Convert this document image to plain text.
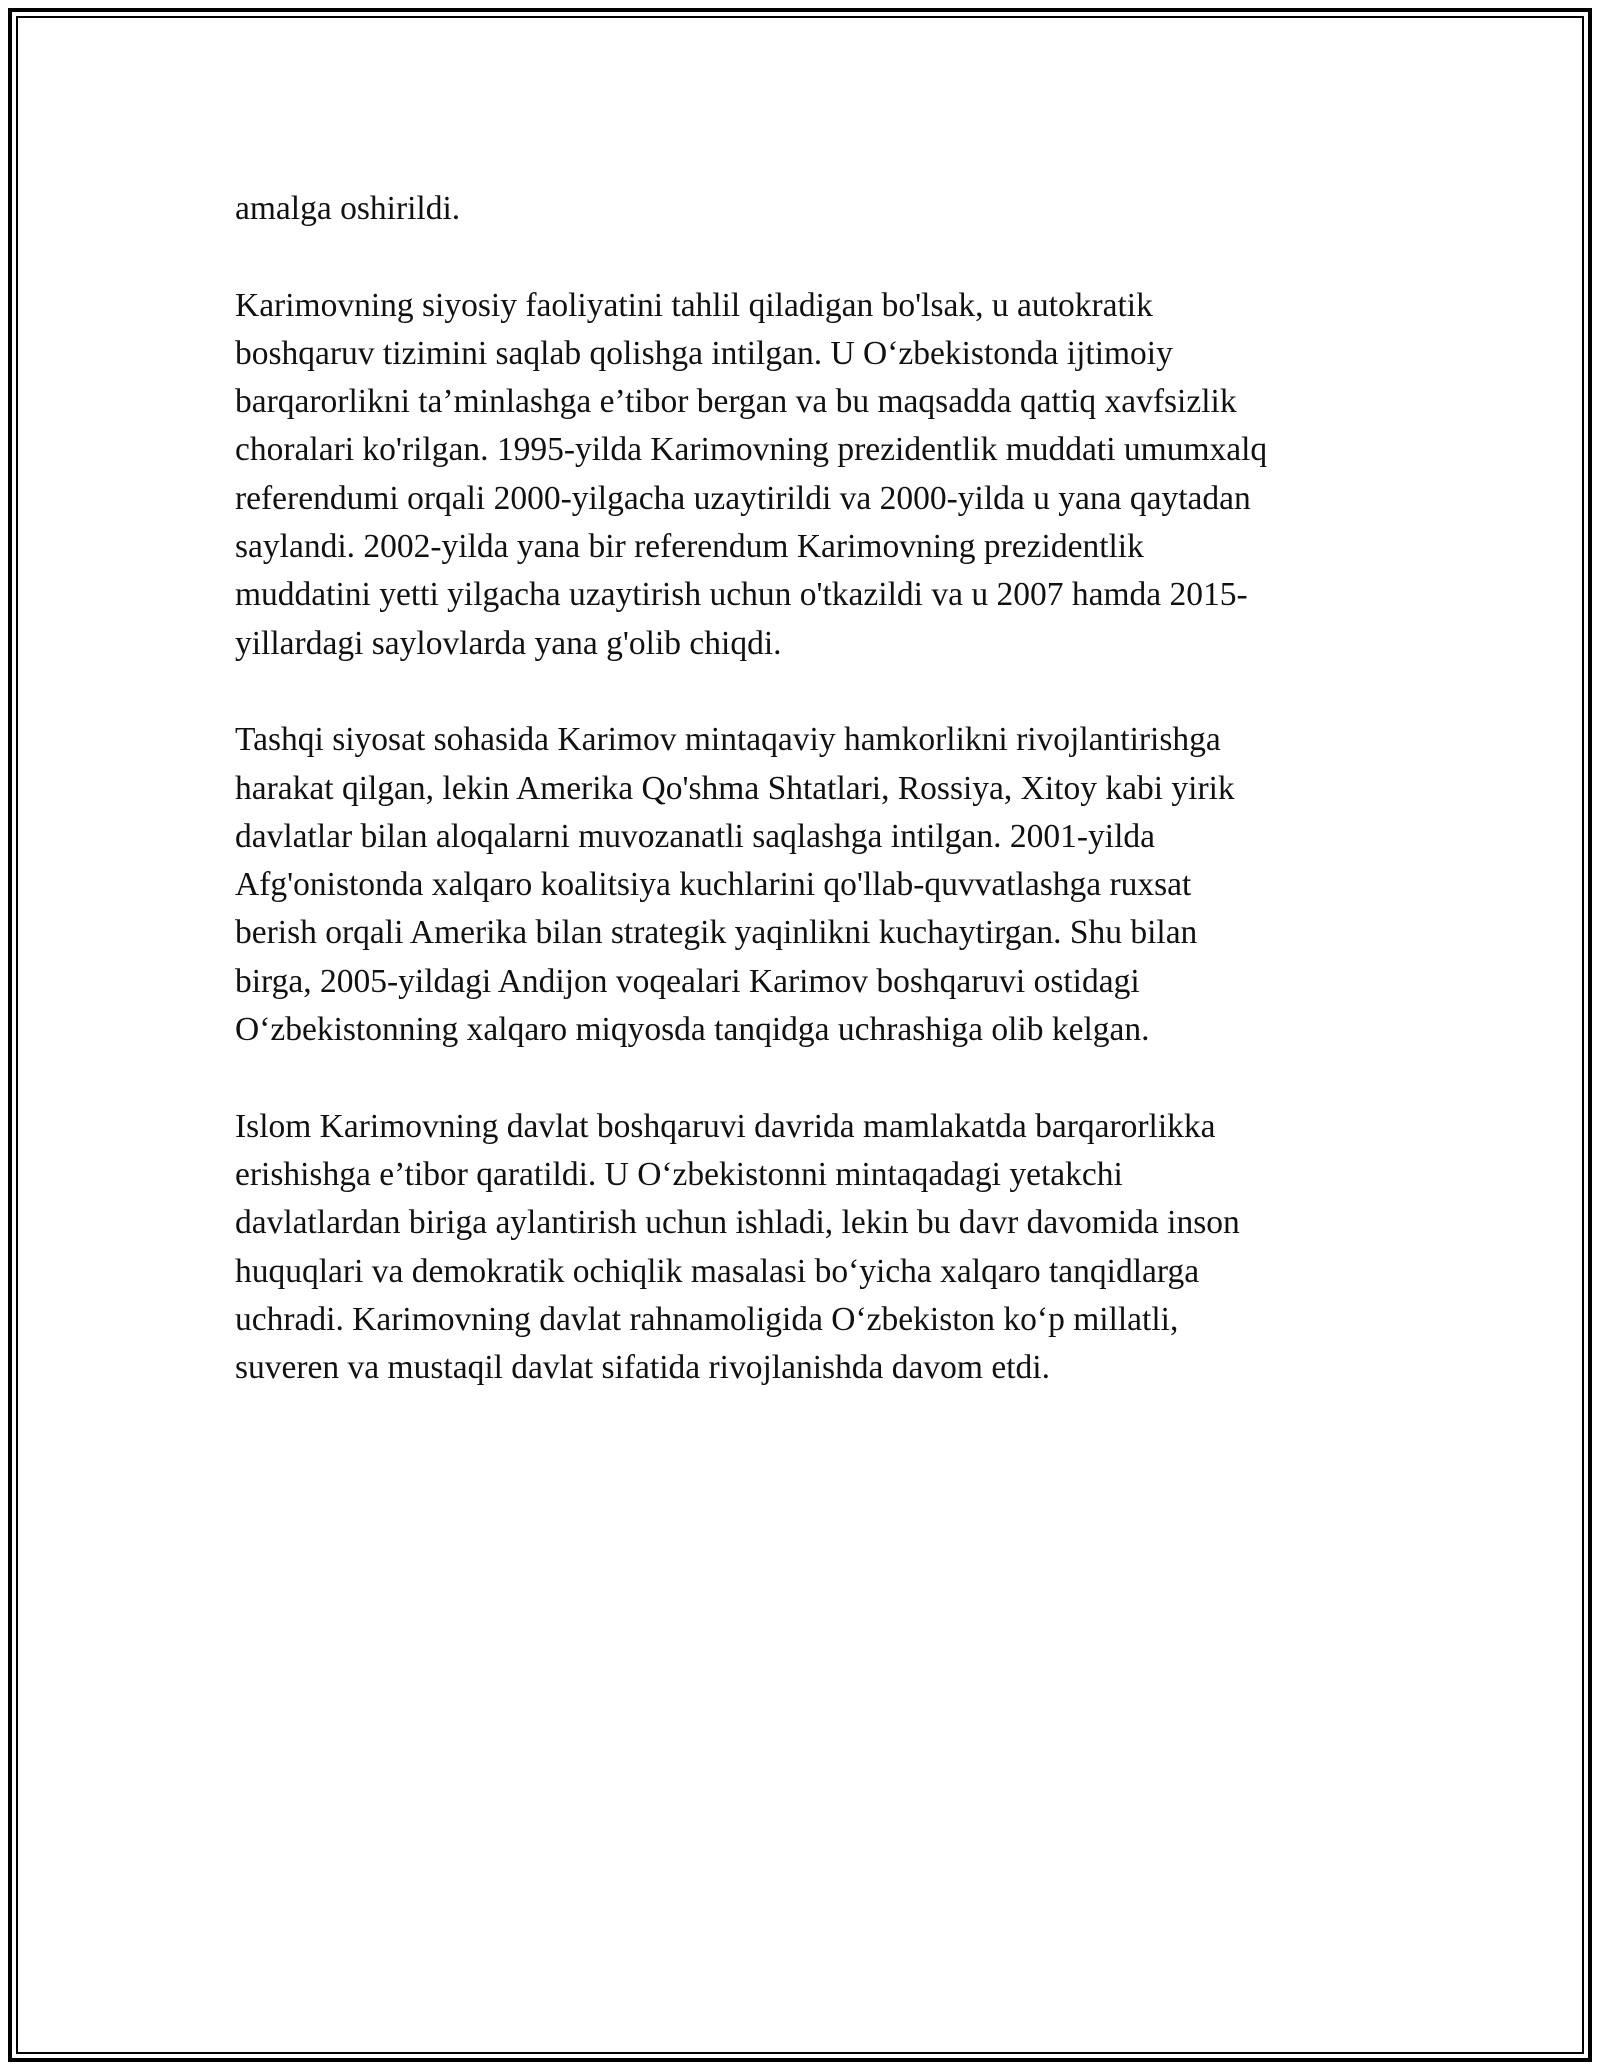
amalga oshirildi.

Karimovning siyosiy faoliyatini tahlil qiladigan bo'lsak, u autokratik
boshqaruv tizimini saqlab qolishga intilgan. U O‘zbekistonda ijtimoiy
barqarorlikni ta’minlashga e’tibor bergan va bu maqsadda qattiq xavfsizlik
choralari ko'rilgan. 1995-yilda Karimovning prezidentlik muddati umumxalq
referendumi orqali 2000-yilgacha uzaytirildi va 2000-yilda u yana qaytadan
saylandi. 2002-yilda yana bir referendum Karimovning prezidentlik
muddatini yetti yilgacha uzaytirish uchun o'tkazildi va u 2007 hamda 2015-
yillardagi saylovlarda yana g'olib chiqdi.

Tashqi siyosat sohasida Karimov mintaqaviy hamkorlikni rivojlantirishga
harakat qilgan, lekin Amerika Qo'shma Shtatlari, Rossiya, Xitoy kabi yirik
davlatlar bilan aloqalarni muvozanatli saqlashga intilgan. 2001-yilda
Afg'onistonda xalqaro koalitsiya kuchlarini qo'llab-quvvatlashga ruxsat
berish orqali Amerika bilan strategik yaqinlikni kuchaytirgan. Shu bilan
birga, 2005-yildagi Andijon voqealari Karimov boshqaruvi ostidagi
O‘zbekistonning xalqaro miqyosda tanqidga uchrashiga olib kelgan.

Islom Karimovning davlat boshqaruvi davrida mamlakatda barqarorlikka
erishishga e’tibor qaratildi. U O‘zbekistonni mintaqadagi yetakchi
davlatlardan biriga aylantirish uchun ishladi, lekin bu davr davomida inson
huquqlari va demokratik ochiqlik masalasi bo‘yicha xalqaro tanqidlarga
uchradi. Karimovning davlat rahnamoligida O‘zbekiston ko‘p millatli,
suveren va mustaqil davlat sifatida rivojlanishda davom etdi.
